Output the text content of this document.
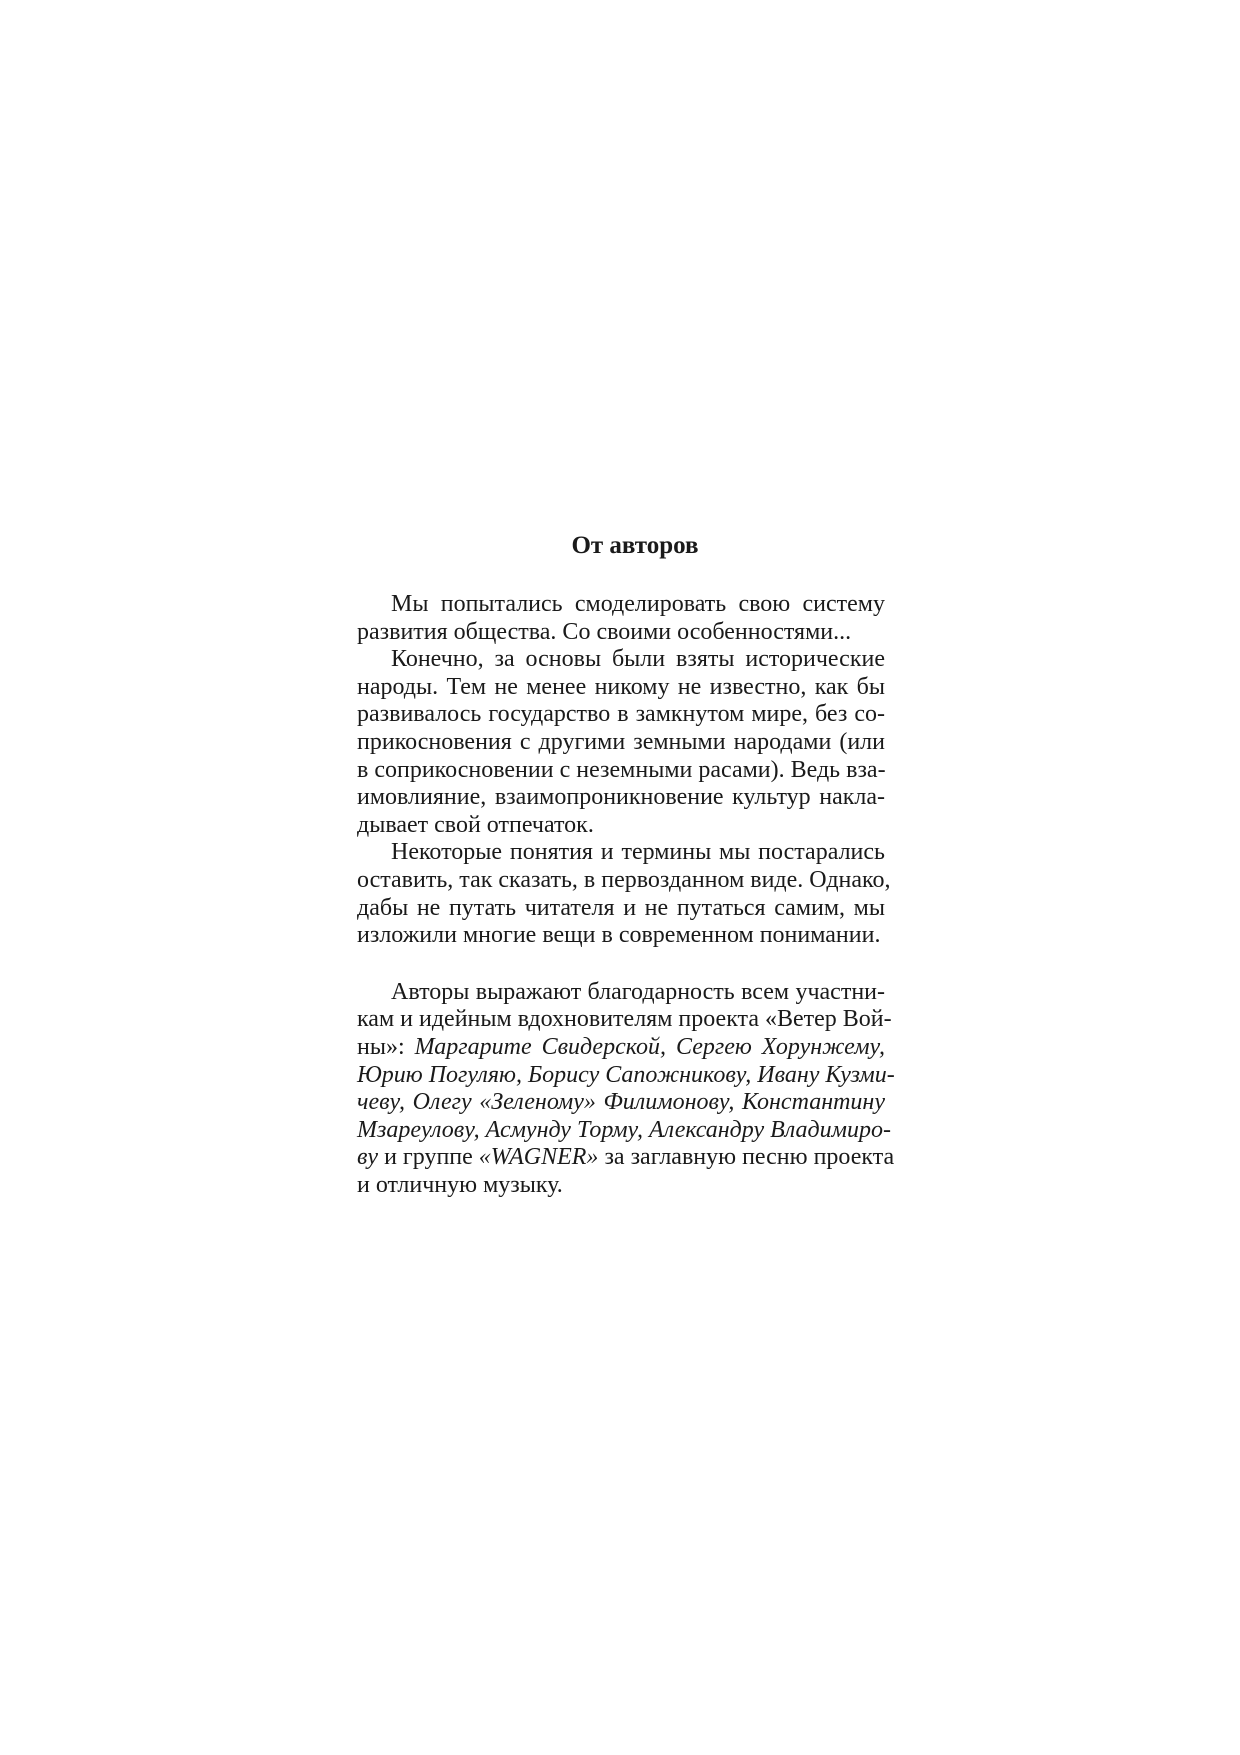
От авторов
Мы попытались смоделировать свою систему
развития общества. Со своими особенностями...
Конечно, за основы были взяты исторические
народы. Тем не менее никому не известно, как бы
развивалось государство в замкнутом мире, без со-
прикосновения с другими земными народами (или
в соприкосновении с неземными расами). Ведь вза-
имовлияние, взаимопроникновение культур накла-
дывает свой отпечаток.
Некоторые понятия и термины мы постарались
оставить, так сказать, в первозданном виде. Однако,
дабы не путать читателя и не путаться самим, мы
изложили многие вещи в современном понимании.
Авторы выражают благодарность всем участни-
кам и идейным вдохновителям проекта «Ветер Вой-
ны»: Маргарите Свидерской, Сергею Хорунжему,
Юрию Погуляю, Борису Сапожникову, Ивану Кузми-
чеву, Олегу «Зеленому» Филимонову, Константину
Мзареулову, Асмунду Торму, Александру Владимиро-
ву и группе «WAGNER» за заглавную песню проекта
и отличную музыку.
